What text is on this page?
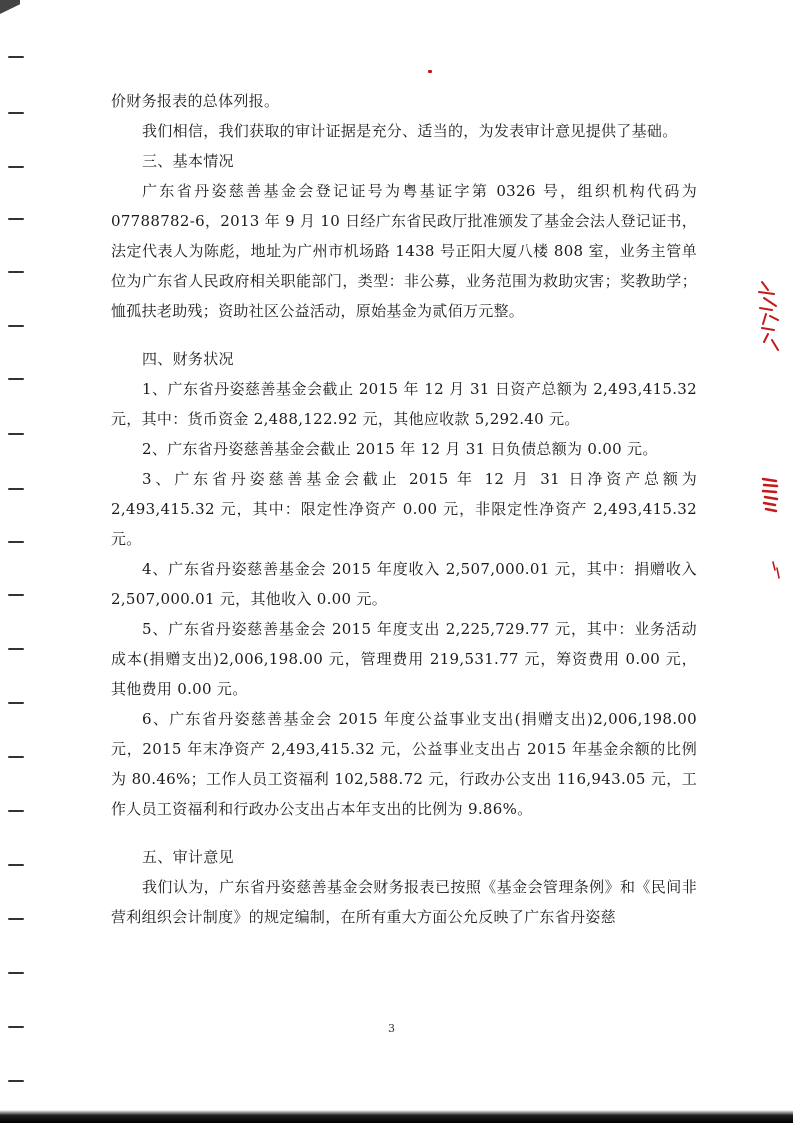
价财务报表的总体列报。

我们相信，我们获取的审计证据是充分、适当的，为发表审计意见提供了基础。

三、基本情况

广东省丹姿慈善基金会登记证号为粤基证字第 0326 号，组织机构代码为07788782-6，2013 年 9 月 10 日经广东省民政厅批准颁发了基金会法人登记证书，法定代表人为陈彪，地址为广州市机场路 1438 号正阳大厦八楼 808 室，业务主管单位为广东省人民政府相关职能部门，类型：非公募，业务范围为救助灾害；奖教助学；恤孤扶老助残；资助社区公益活动，原始基金为贰佰万元整。

四、财务状况

1、广东省丹姿慈善基金会截止 2015 年 12 月 31 日资产总额为 2,493,415.32 元，其中：货币资金 2,488,122.92 元，其他应收款 5,292.40 元。

2、广东省丹姿慈善基金会截止 2015 年 12 月 31 日负债总额为 0.00 元。

3、广东省丹姿慈善基金会截止 2015 年 12 月 31 日净资产总额为 2,493,415.32 元，其中：限定性净资产 0.00 元，非限定性净资产 2,493,415.32 元。

4、广东省丹姿慈善基金会 2015 年度收入 2,507,000.01 元，其中：捐赠收入 2,507,000.01 元，其他收入 0.00 元。

5、广东省丹姿慈善基金会 2015 年度支出 2,225,729.77 元，其中：业务活动成本(捐赠支出)2,006,198.00 元，管理费用 219,531.77 元，筹资费用 0.00 元，其他费用 0.00 元。

6、广东省丹姿慈善基金会 2015 年度公益事业支出(捐赠支出)2,006,198.00 元，2015 年末净资产 2,493,415.32 元，公益事业支出占 2015 年基金余额的比例为 80.46%；工作人员工资福利 102,588.72 元，行政办公支出 116,943.05 元，工作人员工资福利和行政办公支出占本年支出的比例为 9.86%。

五、审计意见

我们认为，广东省丹姿慈善基金会财务报表已按照《基金会管理条例》和《民间非营利组织会计制度》的规定编制，在所有重大方面公允反映了广东省丹姿慈

3
